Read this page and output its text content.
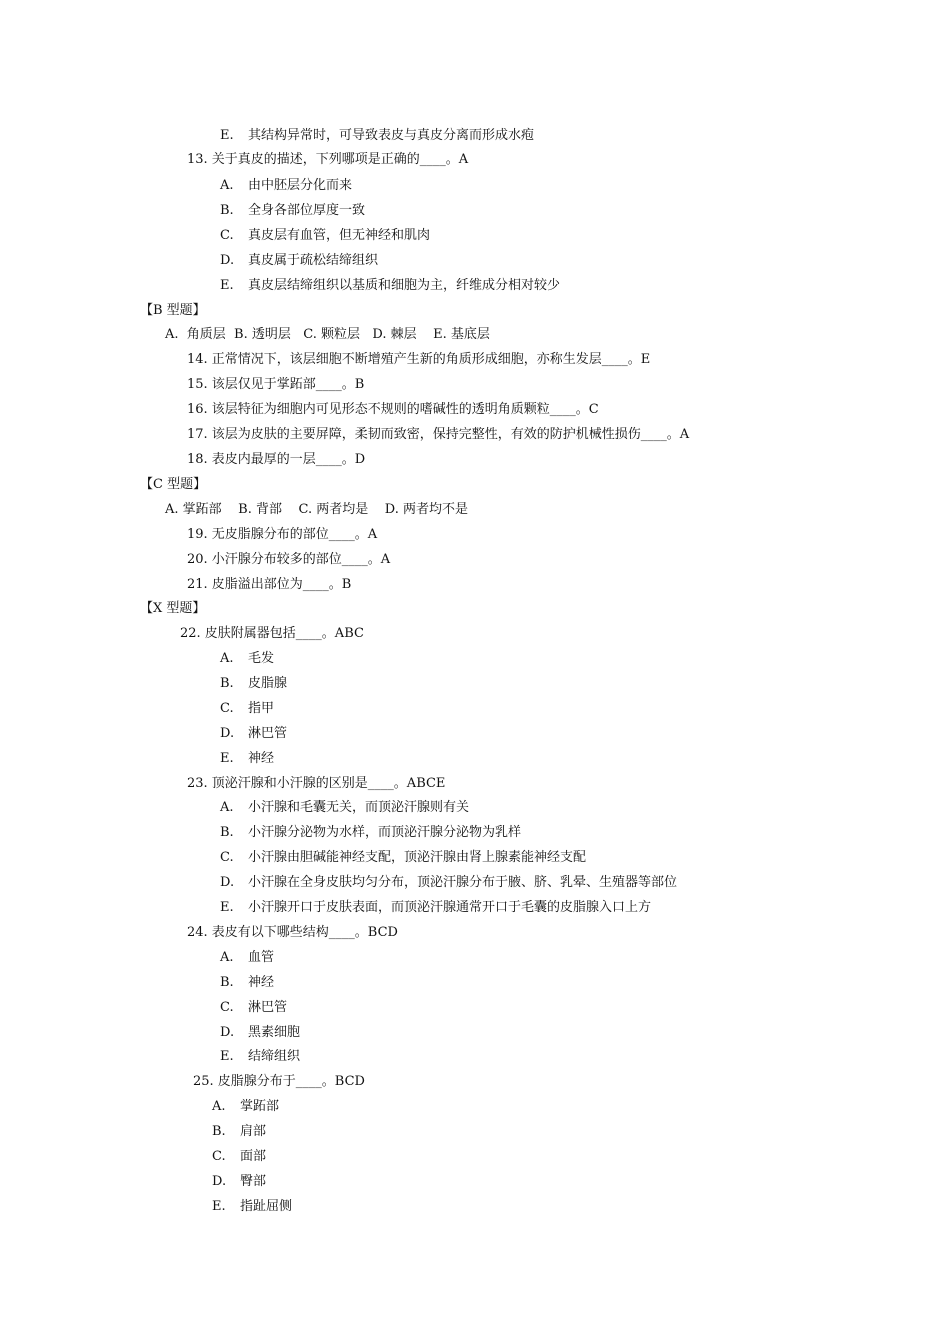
E. 其结构异常时，可导致表皮与真皮分离而形成水疱
13. 关于真皮的描述，下列哪项是正确的____。A
A. 由中胚层分化而来
B. 全身各部位厚度一致
C. 真皮层有血管，但无神经和肌肉
D. 真皮属于疏松结缔组织
E. 真皮层结缔组织以基质和细胞为主，纤维成分相对较少
【B 型题】
A.  角质层  B. 透明层   C. 颗粒层   D. 棘层    E. 基底层
14. 正常情况下，该层细胞不断增殖产生新的角质形成细胞，亦称生发层____。E
15. 该层仅见于掌跖部____。B
16. 该层特征为细胞内可见形态不规则的嗜碱性的透明角质颗粒____。C
17. 该层为皮肤的主要屏障，柔韧而致密，保持完整性，有效的防护机械性损伤____。A
18. 表皮内最厚的一层____。D
【C 型题】
A. 掌跖部    B. 背部    C. 两者均是    D. 两者均不是
19. 无皮脂腺分布的部位____。A
20. 小汗腺分布较多的部位____。A
21. 皮脂溢出部位为____。B
【X 型题】
22. 皮肤附属器包括____。ABC
A. 毛发
B. 皮脂腺
C. 指甲
D. 淋巴管
E. 神经
23. 顶泌汗腺和小汗腺的区别是____。ABCE
A. 小汗腺和毛囊无关，而顶泌汗腺则有关
B. 小汗腺分泌物为水样，而顶泌汗腺分泌物为乳样
C. 小汗腺由胆碱能神经支配，顶泌汗腺由肾上腺素能神经支配
D. 小汗腺在全身皮肤均匀分布，顶泌汗腺分布于腋、脐、乳晕、生殖器等部位
E. 小汗腺开口于皮肤表面，而顶泌汗腺通常开口于毛囊的皮脂腺入口上方
24. 表皮有以下哪些结构____。BCD
A. 血管
B. 神经
C. 淋巴管
D. 黑素细胞
E. 结缔组织
25. 皮脂腺分布于____。BCD
A. 掌跖部
B. 肩部
C. 面部
D. 臀部
E. 指趾屈侧
